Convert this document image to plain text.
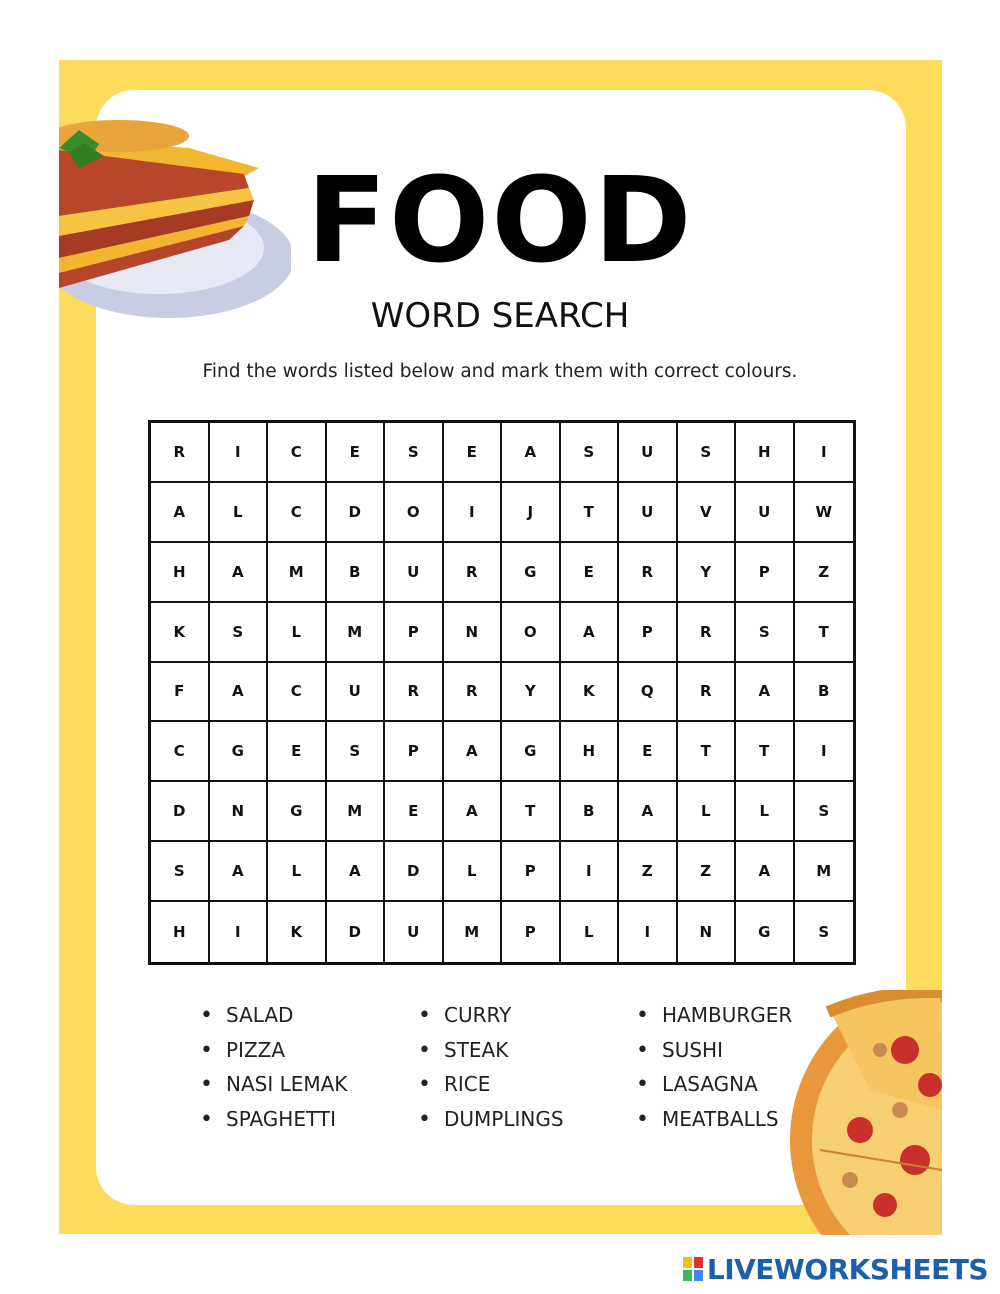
FOOD
WORD SEARCH
Find the words listed below and mark them with correct colours.
R	I	C	E	S	E	A	S	U	S	H	I
A	L	C	D	O	I	J	T	U	V	U	W
H	A	M	B	U	R	G	E	R	Y	P	Z
K	S	L	M	P	N	O	A	P	R	S	T
F	A	C	U	R	R	Y	K	Q	R	A	B
C	G	E	S	P	A	G	H	E	T	T	I
D	N	G	M	E	A	T	B	A	L	L	S
S	A	L	A	D	L	P	I	Z	Z	A	M
H	I	K	D	U	M	P	L	I	N	G	S
• SALAD
• PIZZA
• NASI LEMAK
• SPAGHETTI
• CURRY
• STEAK
• RICE
• DUMPLINGS
• HAMBURGER
• SUSHI
• LASAGNA
• MEATBALLS
LIVEWORKSHEETS
